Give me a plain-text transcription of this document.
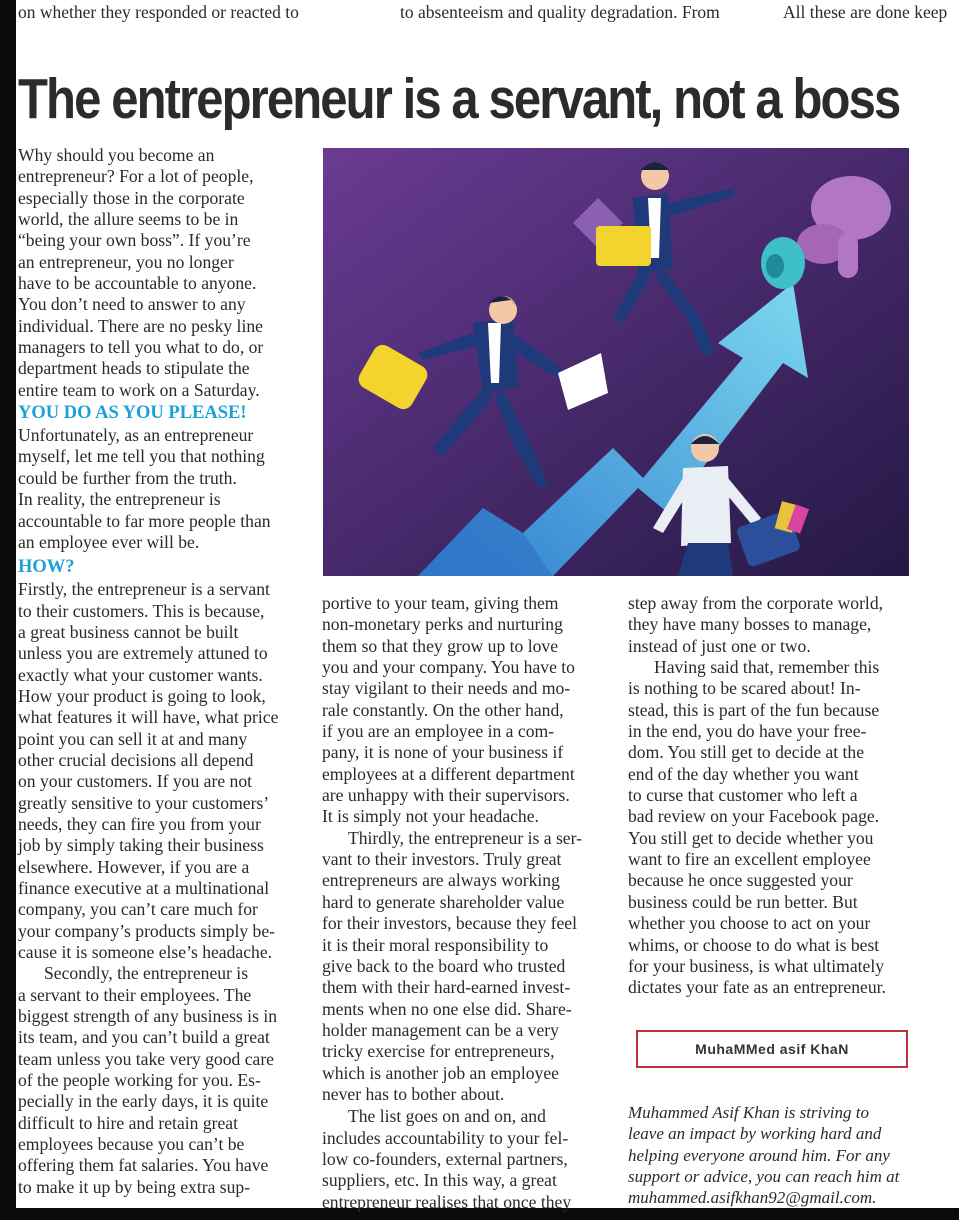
on whether they responded or reacted to	to absenteeism and quality degradation. From	All these are done keep
The entrepreneur is a servant, not a boss

Why should you become an
entrepreneur? For a lot of people,
especially those in the corporate
world, the allure seems to be in
“being your own boss”. If you’re
an entrepreneur, you no longer
have to be accountable to anyone.
You don’t need to answer to any
individual. There are no pesky line
managers to tell you what to do, or
department heads to stipulate the
entire team to work on a Saturday.

YOU DO AS YOU PLEASE!

Unfortunately, as an entrepreneur
myself, let me tell you that nothing
could be further from the truth.
In reality, the entrepreneur is
accountable to far more people than
an employee ever will be.

HOW?

Firstly, the entrepreneur is a servant
to their customers. This is because,
a great business cannot be built
unless you are extremely attuned to
exactly what your customer wants.
How your product is going to look,
what features it will have, what price
point you can sell it at and many
other crucial decisions all depend
on your customers. If you are not
greatly sensitive to your customers’
needs, they can fire you from your
job by simply taking their business
elsewhere. However, if you are a
finance executive at a multinational
company, you can’t care much for
your company’s products simply be-
cause it is someone else’s headache.

Secondly, the entrepreneur is
a servant to their employees. The
biggest strength of any business is in
its team, and you can’t build a great
team unless you take very good care
of the people working for you. Es-
pecially in the early days, it is quite
difficult to hire and retain great
employees because you can’t be
offering them fat salaries. You have
to make it up by being extra sup-

portive to your team, giving them
non-monetary perks and nurturing
them so that they grow up to love
you and your company. You have to
stay vigilant to their needs and mo-
rale constantly. On the other hand,
if you are an employee in a com-
pany, it is none of your business if
employees at a different department
are unhappy with their supervisors.
It is simply not your headache.

Thirdly, the entrepreneur is a ser-
vant to their investors. Truly great
entrepreneurs are always working
hard to generate shareholder value
for their investors, because they feel
it is their moral responsibility to
give back to the board who trusted
them with their hard-earned invest-
ments when no one else did. Share-
holder management can be a very
tricky exercise for entrepreneurs,
which is another job an employee
never has to bother about.

The list goes on and on, and
includes accountability to your fel-
low co-founders, external partners,
suppliers, etc. In this way, a great
entrepreneur realises that once they

step away from the corporate world,
they have many bosses to manage,
instead of just one or two.

Having said that, remember this
is nothing to be scared about! In-
stead, this is part of the fun because
in the end, you do have your free-
dom. You still get to decide at the
end of the day whether you want
to curse that customer who left a
bad review on your Facebook page.
You still get to decide whether you
want to fire an excellent employee
because he once suggested your
business could be run better. But
whether you choose to act on your
whims, or choose to do what is best
for your business, is what ultimately
dictates your fate as an entrepreneur.

MuhaMMed asif KhaN
Muhammed Asif Khan is striving to
leave an impact by working hard and
helping everyone around him. For any
support or advice, you can reach him at
muhammed.asifkhan92@gmail.com.
